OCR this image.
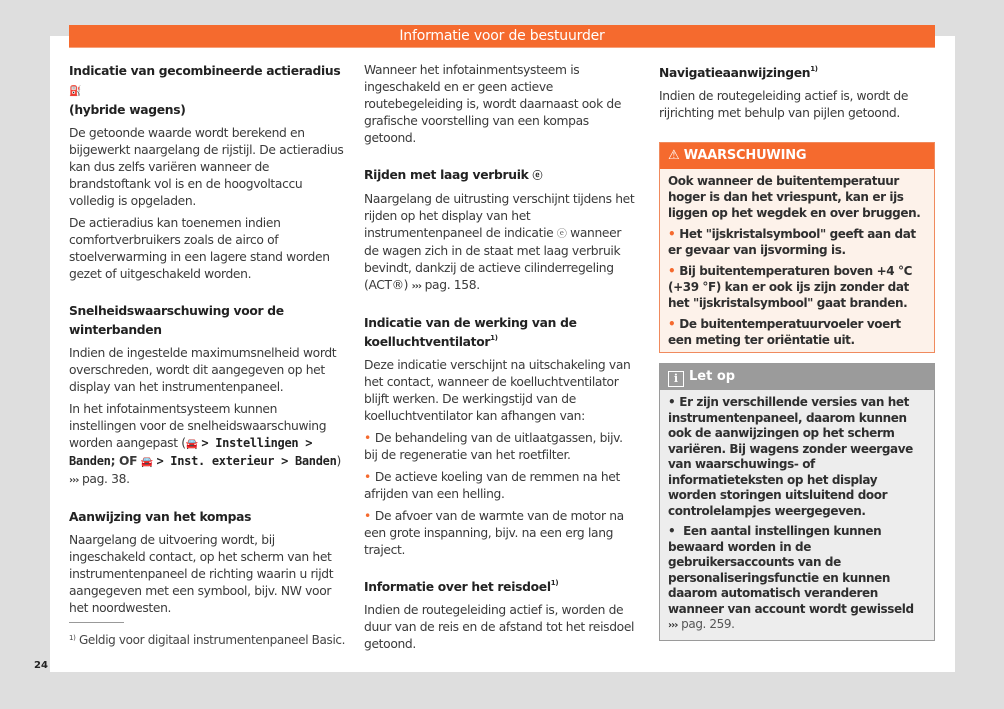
Informatie voor de bestuurder
Indicatie van gecombineerde actieradius ⛽
(hybride wagens)

De getoonde waarde wordt berekend en bijgewerkt naargelang de rijstijl. De actieradius kan dus zelfs variëren wanneer de brandstoftank vol is en de hoogvoltaccu volledig is opgeladen.

De actieradius kan toenemen indien comfortverbruikers zoals de airco of stoelverwarming in een lagere stand worden gezet of uitgeschakeld worden.

Snelheidswaarschuwing voor de winterbanden

Indien de ingestelde maximumsnelheid wordt overschreden, wordt dit aangegeven op het display van het instrumentenpaneel.

In het infotainmentsysteem kunnen instellingen voor de snelheidswaarschuwing worden aangepast (🚘 > Instellingen > Banden; OF 🚘 > Inst. exterieur > Banden) ››› pag. 38.

Aanwijzing van het kompas

Naargelang de uitvoering wordt, bij ingeschakeld contact, op het scherm van het instrumentenpaneel de richting waarin u rijdt aangegeven met een symbool, bijv. NW voor het noordwesten.

Wanneer het infotainmentsysteem is ingeschakeld en er geen actieve routebegeleiding is, wordt daarnaast ook de grafische voorstelling van een kompas getoond.

Rijden met laag verbruik ⓔ

Naargelang de uitrusting verschijnt tijdens het rijden op het display van het instrumentenpaneel de indicatie ⓔ wanneer de wagen zich in de staat met laag verbruik bevindt, dankzij de actieve cilinderregeling (ACT®) ››› pag. 158.

Indicatie van de werking van de koelluchtventilator$^{1)}$

Deze indicatie verschijnt na uitschakeling van het contact, wanneer de koelluchtventilator blijft werken. De werkingstijd van de koelluchtventilator kan afhangen van:

• De behandeling van de uitlaatgassen, bijv. bij de regeneratie van het roetfilter.

• De actieve koeling van de remmen na het afrijden van een helling.

• De afvoer van de warmte van de motor na een grote inspanning, bijv. na een erg lang traject.

Informatie over het reisdoel$^{1)}$

Indien de routegeleiding actief is, worden de duur van de reis en de afstand tot het reisdoel getoond.

Navigatieaanwijzingen$^{1)}$

Indien de routegeleiding actief is, wordt de rijrichting met behulp van pijlen getoond.

⚠ WAARSCHUWING

Ook wanneer de buitentemperatuur hoger is dan het vriespunt, kan er ijs liggen op het wegdek en over bruggen.

• Het "ijskristalsymbool" geeft aan dat er gevaar van ijsvorming is.

• Bij buitentemperaturen boven +4 °C (+39 °F) kan er ook ijs zijn zonder dat het "ijskristalsymbool" gaat branden.

• De buitentemperatuurvoeler voert een meting ter oriëntatie uit.

i Let op

• Er zijn verschillende versies van het instrumentenpaneel, daarom kunnen ook de aanwijzingen op het scherm variëren. Bij wagens zonder weergave van waarschuwings- of informatieteksten op het display worden storingen uitsluitend door controlelampjes weergegeven.

• Een aantal instellingen kunnen bewaard worden in de gebruikersaccounts van de personaliseringsfunctie en kunnen daarom automatisch veranderen wanneer van account wordt gewisseld ››› pag. 259.

$^{1)}$ Geldig voor digitaal instrumentenpaneel Basic.
24
